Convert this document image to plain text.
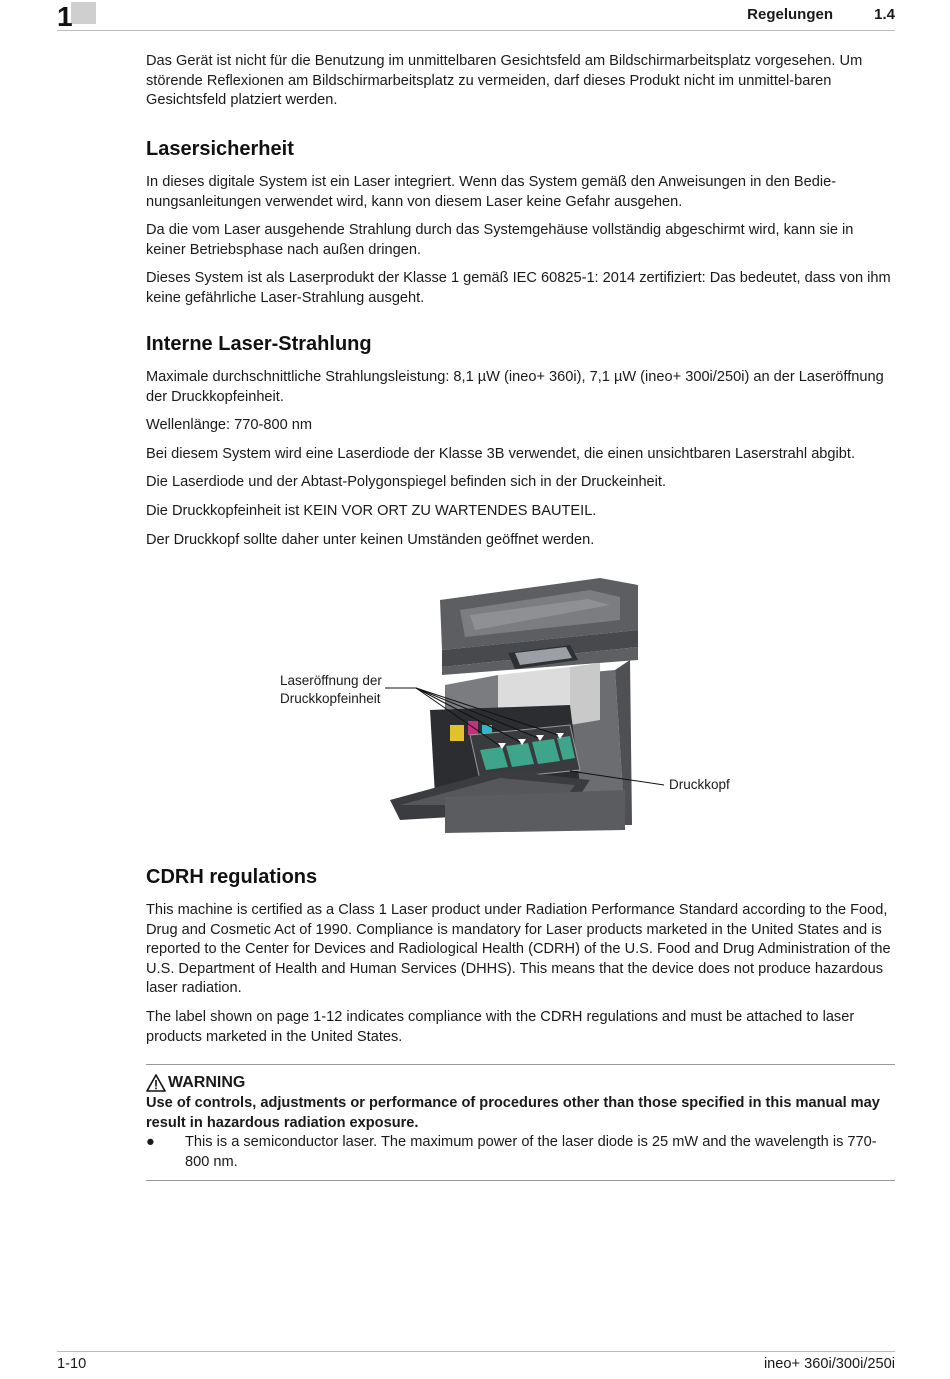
1	Regelungen	1.4

Das Gerät ist nicht für die Benutzung im unmittelbaren Gesichtsfeld am Bildschirmarbeitsplatz vorgesehen. Um störende Reflexionen am Bildschirmarbeitsplatz zu vermeiden, darf dieses Produkt nicht im unmittel-baren Gesichtsfeld platziert werden.

Lasersicherheit

In dieses digitale System ist ein Laser integriert. Wenn das System gemäß den Anweisungen in den Bedie-nungsanleitungen verwendet wird, kann von diesem Laser keine Gefahr ausgehen.

Da die vom Laser ausgehende Strahlung durch das Systemgehäuse vollständig abgeschirmt wird, kann sie in keiner Betriebsphase nach außen dringen.

Dieses System ist als Laserprodukt der Klasse 1 gemäß IEC 60825-1: 2014 zertifiziert: Das bedeutet, dass von ihm keine gefährliche Laser-Strahlung ausgeht.

Interne Laser-Strahlung

Maximale durchschnittliche Strahlungsleistung: 8,1 µW (ineo+ 360i), 7,1 µW (ineo+ 300i/250i) an der Laseröffnung der Druckkopfeinheit.

Wellenlänge: 770-800 nm

Bei diesem System wird eine Laserdiode der Klasse 3B verwendet, die einen unsichtbaren Laserstrahl abgibt.

Die Laserdiode und der Abtast-Polygonspiegel befinden sich in der Druckeinheit.

Die Druckkopfeinheit ist KEIN VOR ORT ZU WARTENDES BAUTEIL.

Der Druckkopf sollte daher unter keinen Umständen geöffnet werden.

Laseröffnung der
Druckkopfeinheit
Druckkopf
CDRH regulations

This machine is certified as a Class 1 Laser product under Radiation Performance Standard according to the Food, Drug and Cosmetic Act of 1990. Compliance is mandatory for Laser products marketed in the United States and is reported to the Center for Devices and Radiological Health (CDRH) of the U.S. Food and Drug Administration of the U.S. Department of Health and Human Services (DHHS). This means that the device does not produce hazardous laser radiation.

The label shown on page 1-12 indicates compliance with the CDRH regulations and must be attached to laser products marketed in the United States.

WARNING

Use of controls, adjustments or performance of procedures other than those specified in this manual may result in hazardous radiation exposure.

●	This is a semiconductor laser. The maximum power of the laser diode is 25 mW and the wavelength is 770-800 nm.
1-10	ineo+ 360i/300i/250i
